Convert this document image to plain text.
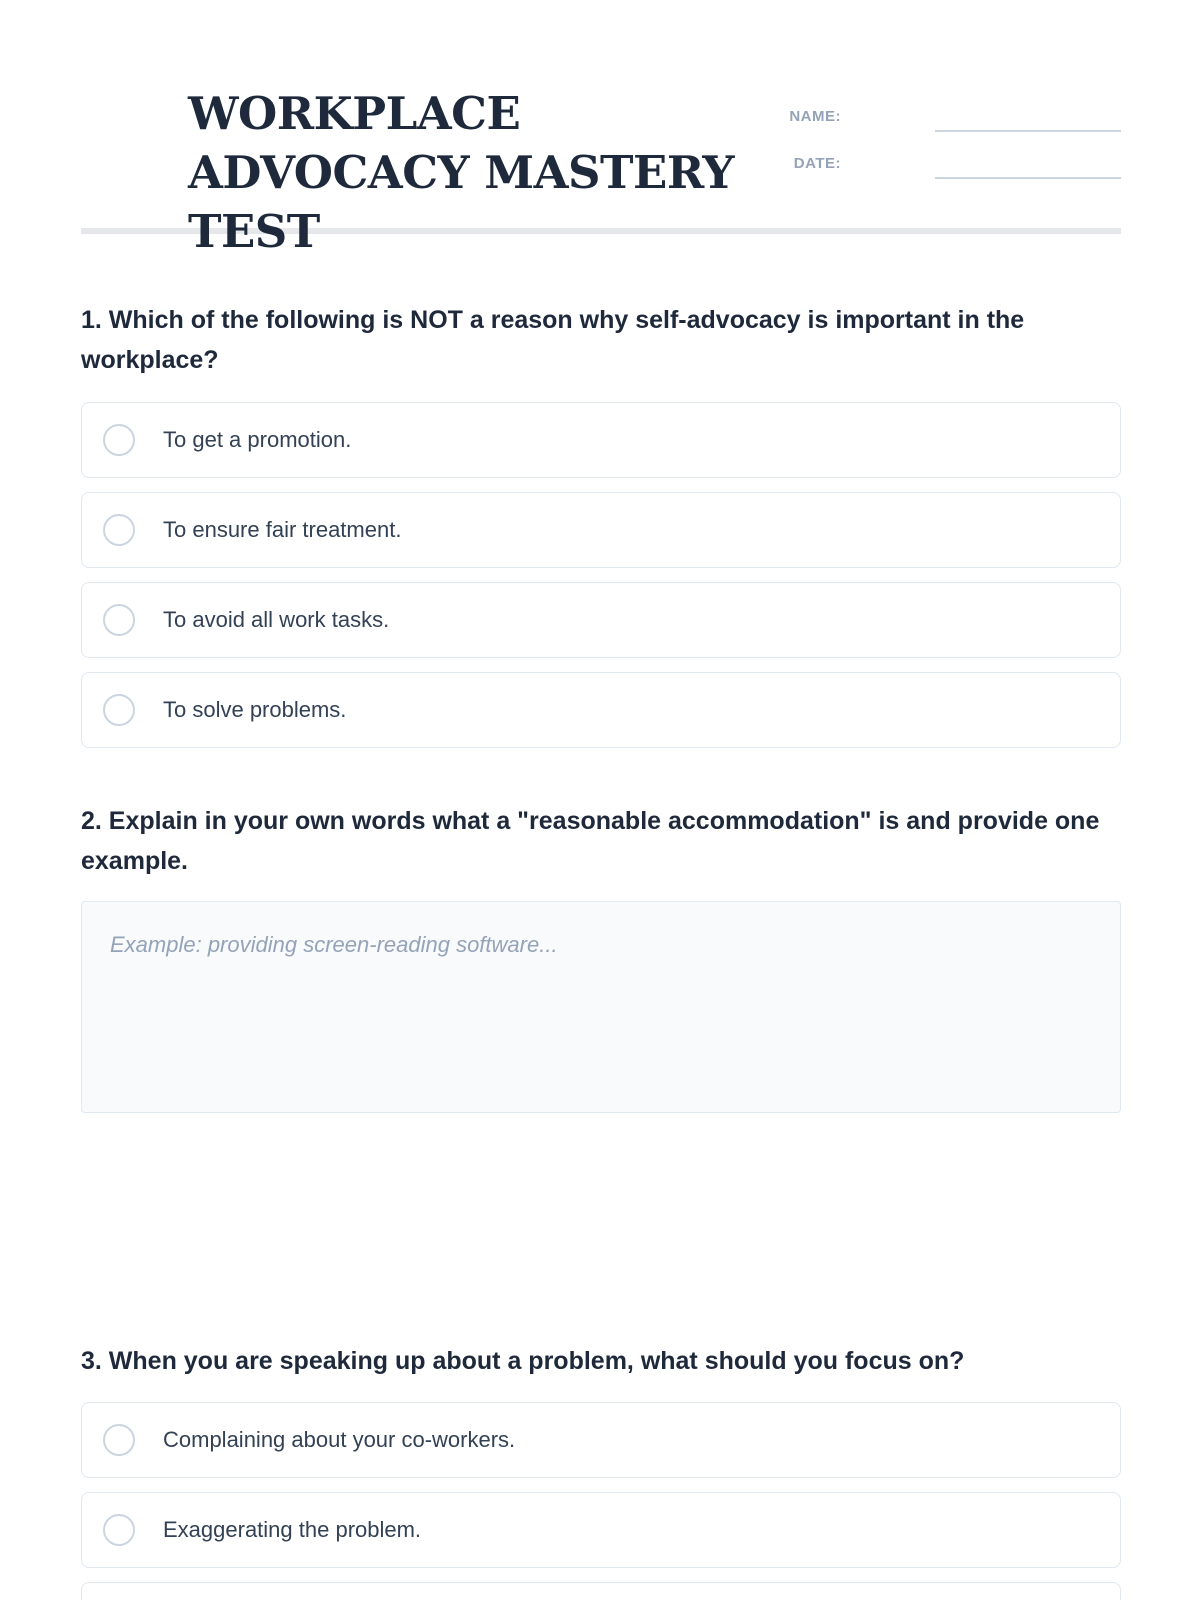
WORKPLACE ADVOCACY MASTERY TEST
NAME:
DATE:

1. Which of the following is NOT a reason why self-advocacy is important in the workplace?

To get a promotion.
To ensure fair treatment.
To avoid all work tasks.
To solve problems.

2. Explain in your own words what a "reasonable accommodation" is and provide one example.

Example: providing screen-reading software...

3. When you are speaking up about a problem, what should you focus on?

Complaining about your co-workers.
Exaggerating the problem.
